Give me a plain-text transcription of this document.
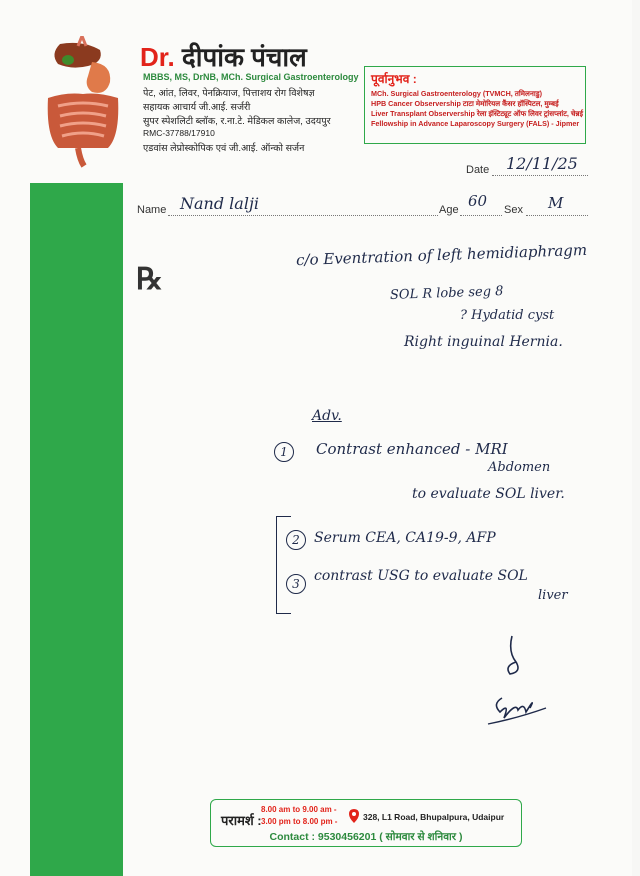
Dr. दीपांक पंचाल
MBBS, MS, DrNB, MCh. Surgical Gastroenterology
पेट, आंत, लिवर, पेनक्रियाज, पित्ताशय रोग विशेषज्ञ
सहायक आचार्य जी.आई. सर्जरी
सुपर स्पेशलिटी ब्लॉक, र.ना.टे. मेडिकल कालेज, उदयपुर
RMC-37788/17910
एडवांस लेप्रोस्कोपिक एवं जी.आई. ऑन्को सर्जन
पूर्वानुभव :
MCh. Surgical Gastroenterology (TVMCH, तमिलनाडु)
HPB Cancer Observership टाटा मेमोरियल कैंसर हॉस्पिटल, मुम्बई
Liver Transplant Observership रेला इंस्टिट्यूट ऑफ लिवर ट्रांसप्लांट, चेन्नई
Fellowship in Advance Laparoscopy Surgery (FALS) - Jipmer
Date 12/11/25
Name Nand lalji	Age 60 Sex M
℞
c/o Eventration of left hemidiaphragm
SOL R lobe seg 8
? Hydatid cyst
Right inguinal Hernia.
Adv.
1	Contrast enhanced - MRI
Abdomen
to evaluate SOL liver.
2	Serum CEA, CA19-9, AFP
3	contrast USG to evaluate SOL
liver
परामर्श :
8.00 am to 9.00 am -
3.00 pm to 8.00 pm -	328, L1 Road, Bhupalpura, Udaipur
Contact : 9530456201 ( सोमवार से शनिवार )
